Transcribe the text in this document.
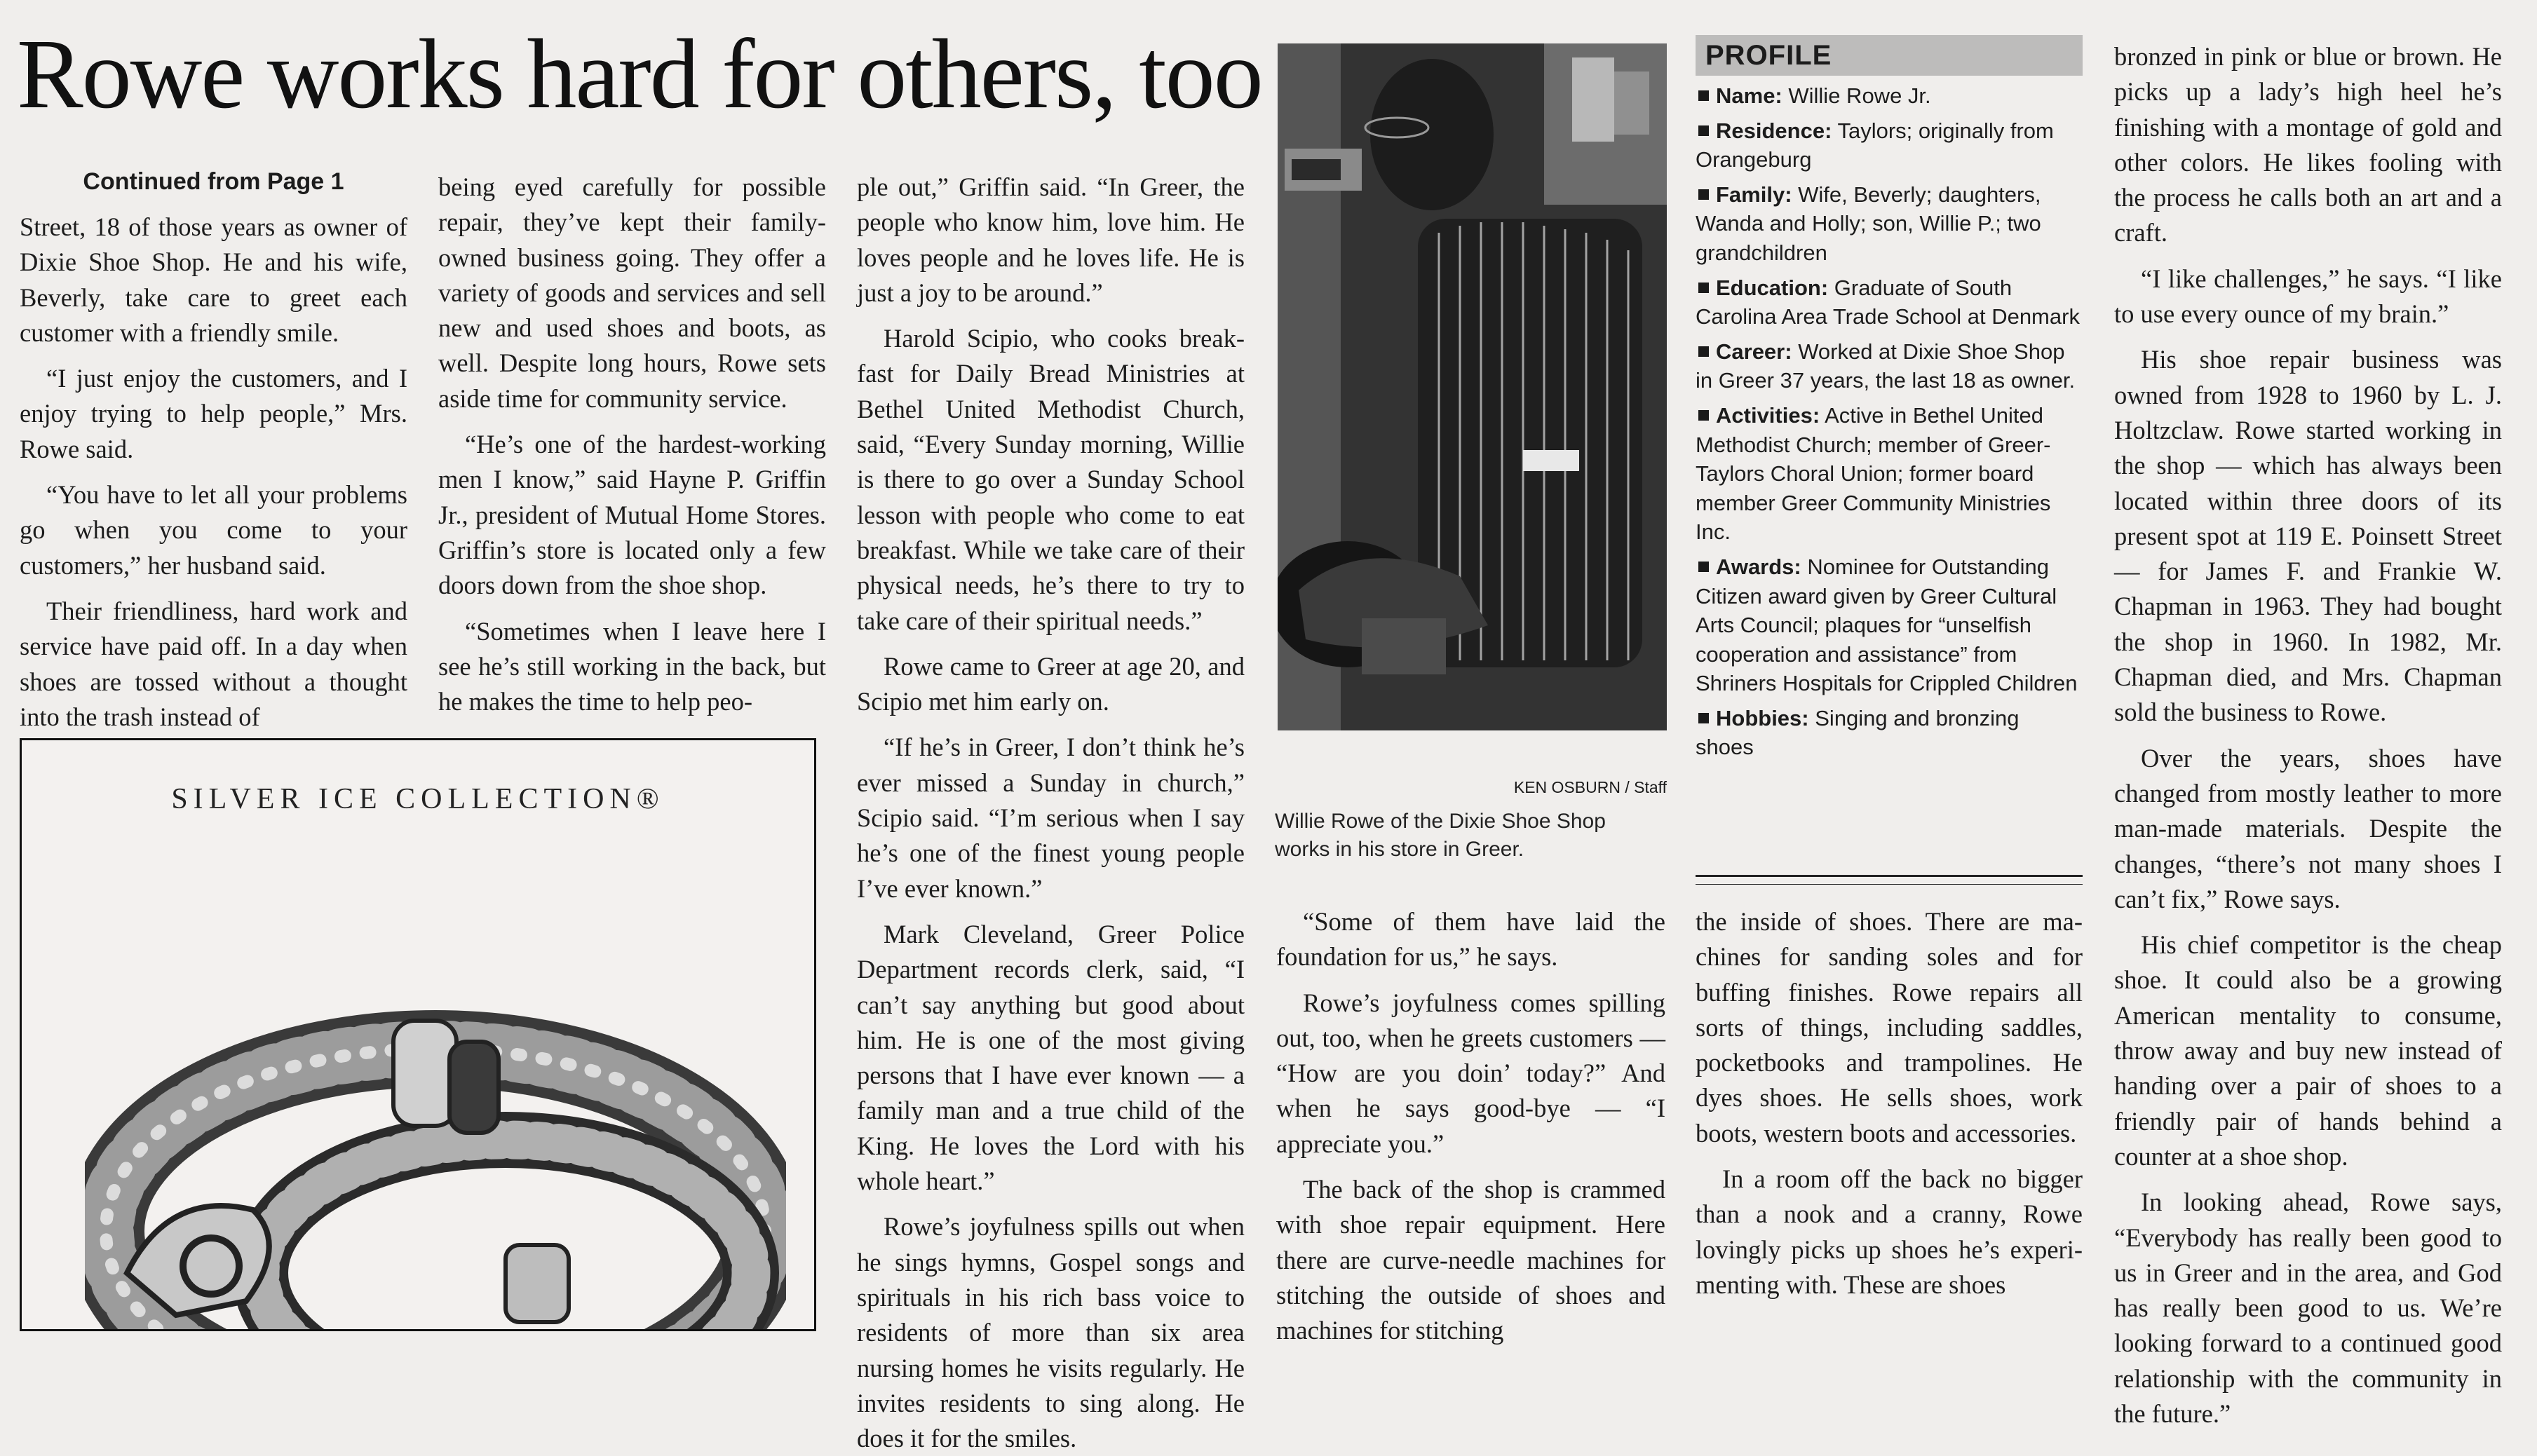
Rowe works hard for others, too
Continued from Page 1

Street, 18 of those years as owner of Dixie Shoe Shop. He and his wife, Beverly, take care to greet each customer with a friendly smile.

“I just enjoy the customers, and I enjoy trying to help people,” Mrs. Rowe said.

“You have to let all your problems go when you come to your customers,” her husband said.

Their friendliness, hard work and service have paid off. In a day when shoes are tossed without a thought into the trash instead of

being eyed carefully for possible repair, they’ve kept their family-owned business going. They offer a variety of goods and services and sell new and used shoes and boots, as well. Despite long hours, Rowe sets aside time for community service.

“He’s one of the hardest-working men I know,” said Hayne P. Griffin Jr., president of Mutual Home Stores. Griffin’s store is located only a few doors down from the shoe shop.

“Sometimes when I leave here I see he’s still working in the back, but he makes the time to help peo-

ple out,” Griffin said. “In Greer, the people who know him, love him. He loves people and he loves life. He is just a joy to be around.”

Harold Scipio, who cooks breakfast for Daily Bread Ministries at Bethel United Methodist Church, said, “Every Sunday morning, Willie is there to go over a Sunday School lesson with people who come to eat breakfast. While we take care of their physical needs, he’s there to try to take care of their spiritual needs.”

Rowe came to Greer at age 20, and Scipio met him early on.

“If he’s in Greer, I don’t think he’s ever missed a Sunday in church,” Scipio said. “I’m serious when I say he’s one of the finest young people I’ve ever known.”

Mark Cleveland, Greer Police Department records clerk, said, “I can’t say anything but good about him. He is one of the most giving persons that I have ever known — a family man and a true child of the King. He loves the Lord with his whole heart.”

Rowe’s joyfulness spills out when he sings hymns, Gospel songs and spirituals in his rich bass voice to residents of more than six area nursing homes he visits regularly. He invites residents to sing along. He does it for the smiles.

KEN OSBURN / Staff
Willie Rowe of the Dixie Shoe Shop works in his store in Greer.

“Some of them have laid the foundation for us,” he says.

Rowe’s joyfulness comes spilling out, too, when he greets customers — “How are you doin’ today?” And when he says good-bye — “I appreciate you.”

The back of the shop is crammed with shoe repair equipment. Here there are curve-needle machines for stitching the outside of shoes and machines for stitching

PROFILE
Name: Willie Rowe Jr.
Residence: Taylors; originally from Orangeburg
Family: Wife, Beverly; daughters, Wanda and Holly; son, Willie P.; two grandchildren
Education: Graduate of South Carolina Area Trade School at Denmark
Career: Worked at Dixie Shoe Shop in Greer 37 years, the last 18 as owner.
Activities: Active in Bethel United Methodist Church; member of Greer-Taylors Choral Union; former board member Greer Community Ministries Inc.
Awards: Nominee for Outstanding Citizen award given by Greer Cultural Arts Council; plaques for “unselfish cooperation and assistance” from Shriners Hospitals for Crippled Children
Hobbies: Singing and bronzing shoes

the inside of shoes. There are machines for sanding soles and for buffing finishes. Rowe repairs all sorts of things, including saddles, pocketbooks and trampolines. He dyes shoes. He sells shoes, work boots, western boots and accessories.

In a room off the back no bigger than a nook and a cranny, Rowe lovingly picks up shoes he’s experimenting with. These are shoes

bronzed in pink or blue or brown. He picks up a lady’s high heel he’s finishing with a montage of gold and other colors. He likes fooling with the process he calls both an art and a craft.

“I like challenges,” he says. “I like to use every ounce of my brain.”

His shoe repair business was owned from 1928 to 1960 by L. J. Holtzclaw. Rowe started working in the shop — which has always been located within three doors of its present spot at 119 E. Poinsett Street — for James F. and Frankie W. Chapman in 1963. They had bought the shop in 1960. In 1982, Mr. Chapman died, and Mrs. Chapman sold the business to Rowe.

Over the years, shoes have changed from mostly leather to more man-made materials. Despite the changes, “there’s not many shoes I can’t fix,” Rowe says.

His chief competitor is the cheap shoe. It could also be a growing American mentality to consume, throw away and buy new instead of handing over a pair of shoes to a friendly pair of hands behind a counter at a shoe shop.

In looking ahead, Rowe says, “Everybody has really been good to us in Greer and in the area, and God has really been good to us. We’re looking forward to a continued good relationship with the community in the future.”

SILVER ICE COLLECTION®
